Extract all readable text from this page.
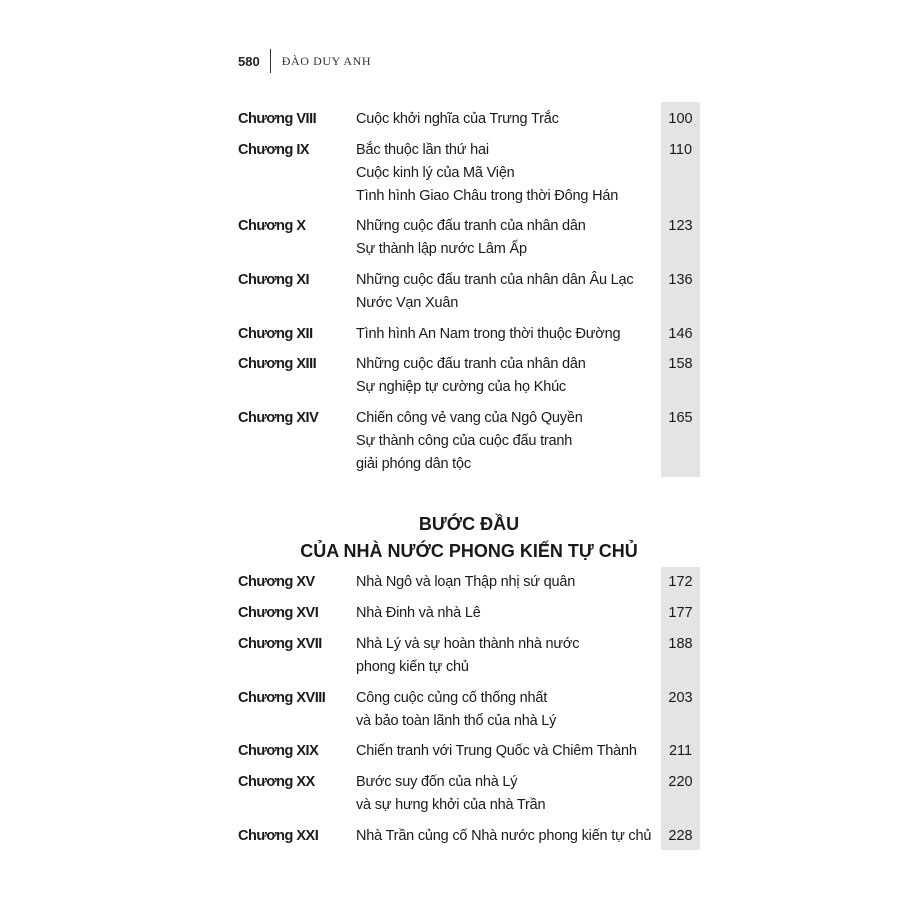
580 ĐÀO DUY ANH
Chương VIII	Cuộc khởi nghĩa của Trưng Trắc	100
Chương IX	Bắc thuộc lần thứ hai
Cuộc kinh lý của Mã Viện
Tình hình Giao Châu trong thời Đông Hán
110
Chương X	Những cuộc đấu tranh của nhân dân
Sự thành lập nước Lâm Ấp
123
Chương XI	Những cuộc đấu tranh của nhân dân Âu Lạc
Nước Vạn Xuân
136
Chương XII	Tình hình An Nam trong thời thuộc Đường	146
Chương XIII	Những cuộc đấu tranh của nhân dân
Sự nghiệp tự cường của họ Khúc
158
Chương XIV	Chiến công vẻ vang của Ngô Quyền
Sự thành công của cuộc đấu tranh
giải phóng dân tộc
165
BƯỚC ĐẦU
CỦA NHÀ NƯỚC PHONG KIẾN TỰ CHỦ
Chương XV	Nhà Ngô và loạn Thập nhị sứ quân	172
Chương XVI	Nhà Đinh và nhà Lê	177
Chương XVII Nhà Lý và sự hoàn thành nhà nước
phong kiến tự chủ
188
Chương XVIII Công cuộc củng cố thống nhất
và bảo toàn lãnh thổ của nhà Lý
203
Chương XIX	Chiến tranh với Trung Quốc và Chiêm Thành	211
Chương XX	Bước suy đốn của nhà Lý
và sự hưng khởi của nhà Trần
220
Chương XXI	Nhà Trần củng cố Nhà nước phong kiến tự chủ	228
